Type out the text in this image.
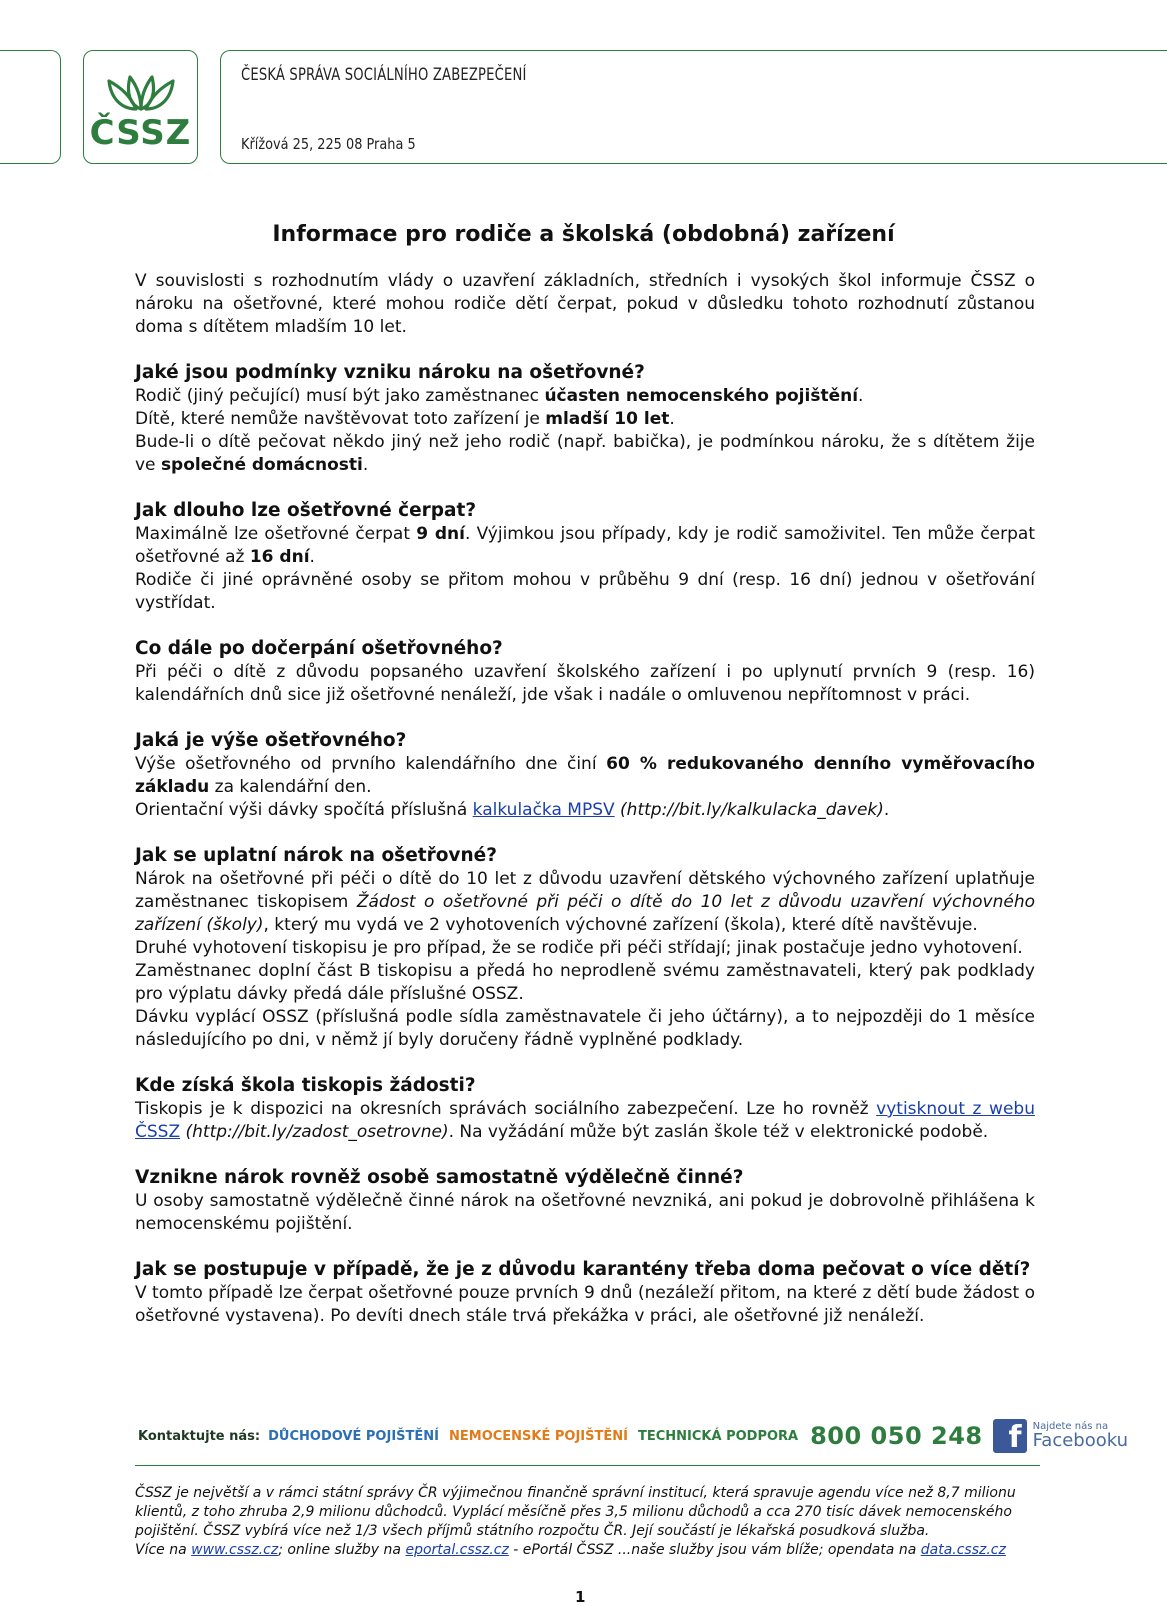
ČSSZ
ČESKÁ SPRÁVA SOCIÁLNÍHO ZABEZPEČENÍ
Křížová 25, 225 08 Praha 5
Informace pro rodiče a školská (obdobná) zařízení

V souvislosti s rozhodnutím vlády o uzavření základních, středních i vysokých škol informuje ČSSZ o nároku na ošetřovné, které mohou rodiče dětí čerpat, pokud v důsledku tohoto rozhodnutí zůstanou doma s dítětem mladším 10 let.

Jaké jsou podmínky vzniku nároku na ošetřovné?

Rodič (jiný pečující) musí být jako zaměstnanec účasten nemocenského pojištění.

Dítě, které nemůže navštěvovat toto zařízení je mladší 10 let.

Bude-li o dítě pečovat někdo jiný než jeho rodič (např. babička), je podmínkou nároku, že s dítětem žije ve společné domácnosti.

Jak dlouho lze ošetřovné čerpat?

Maximálně lze ošetřovné čerpat 9 dní. Výjimkou jsou případy, kdy je rodič samoživitel. Ten může čerpat ošetřovné až 16 dní.

Rodiče či jiné oprávněné osoby se přitom mohou v průběhu 9 dní (resp. 16 dní) jednou v ošetřování vystřídat.

Co dále po dočerpání ošetřovného?

Při péči o dítě z důvodu popsaného uzavření školského zařízení i po uplynutí prvních 9 (resp. 16) kalendářních dnů sice již ošetřovné nenáleží, jde však i nadále o omluvenou nepřítomnost v práci.

Jaká je výše ošetřovného?

Výše ošetřovného od prvního kalendářního dne činí 60 % redukovaného denního vyměřovacího základu za kalendářní den.

Orientační výši dávky spočítá příslušná kalkulačka MPSV (http://bit.ly/kalkulacka_davek).

Jak se uplatní nárok na ošetřovné?

Nárok na ošetřovné při péči o dítě do 10 let z důvodu uzavření dětského výchovného zařízení uplatňuje zaměstnanec tiskopisem Žádost o ošetřovné při péči o dítě do 10 let z důvodu uzavření výchovného zařízení (školy), který mu vydá ve 2 vyhotoveních výchovné zařízení (škola), které dítě navštěvuje.

Druhé vyhotovení tiskopisu je pro případ, že se rodiče při péči střídají; jinak postačuje jedno vyhotovení.

Zaměstnanec doplní část B tiskopisu a předá ho neprodleně svému zaměstnavateli, který pak podklady pro výplatu dávky předá dále příslušné OSSZ.

Dávku vyplácí OSSZ (příslušná podle sídla zaměstnavatele či jeho účtárny), a to nejpozději do 1 měsíce následujícího po dni, v němž jí byly doručeny řádně vyplněné podklady.

Kde získá škola tiskopis žádosti?

Tiskopis je k dispozici na okresních správách sociálního zabezpečení. Lze ho rovněž vytisknout z webu ČSSZ (http://bit.ly/zadost_osetrovne). Na vyžádání může být zaslán škole též v elektronické podobě.

Vznikne nárok rovněž osobě samostatně výdělečně činné?

U osoby samostatně výdělečně činné nárok na ošetřovné nevzniká, ani pokud je dobrovolně přihlášena k nemocenskému pojištění.

Jak se postupuje v případě, že je z důvodu karantény třeba doma pečovat o více dětí?

V tomto případě lze čerpat ošetřovné pouze prvních 9 dnů (nezáleží přitom, na které z dětí bude žádost o ošetřovné vystavena). Po devíti dnech stále trvá překážka v práci, ale ošetřovné již nenáleží.

Kontaktujte nás: DŮCHODOVÉ POJIŠTĚNÍ NEMOCENSKÉ POJIŠTĚNÍ TECHNICKÁ PODPORA 800 050 248 f Najdete nás na
Facebooku

ČSSZ je největší a v rámci státní správy ČR výjimečnou finančně správní institucí, která spravuje agendu více než 8,7 milionu klientů, z toho zhruba 2,9 milionu důchodců. Vyplácí měsíčně přes 3,5 milionu důchodů a cca 270 tisíc dávek nemocenského pojištění. ČSSZ vybírá více než 1/3 všech příjmů státního rozpočtu ČR. Její součástí je lékařská posudková služba.

Více na www.cssz.cz; online služby na eportal.cssz.cz - ePortál ČSSZ ...naše služby jsou vám blíže; opendata na data.cssz.cz

1
